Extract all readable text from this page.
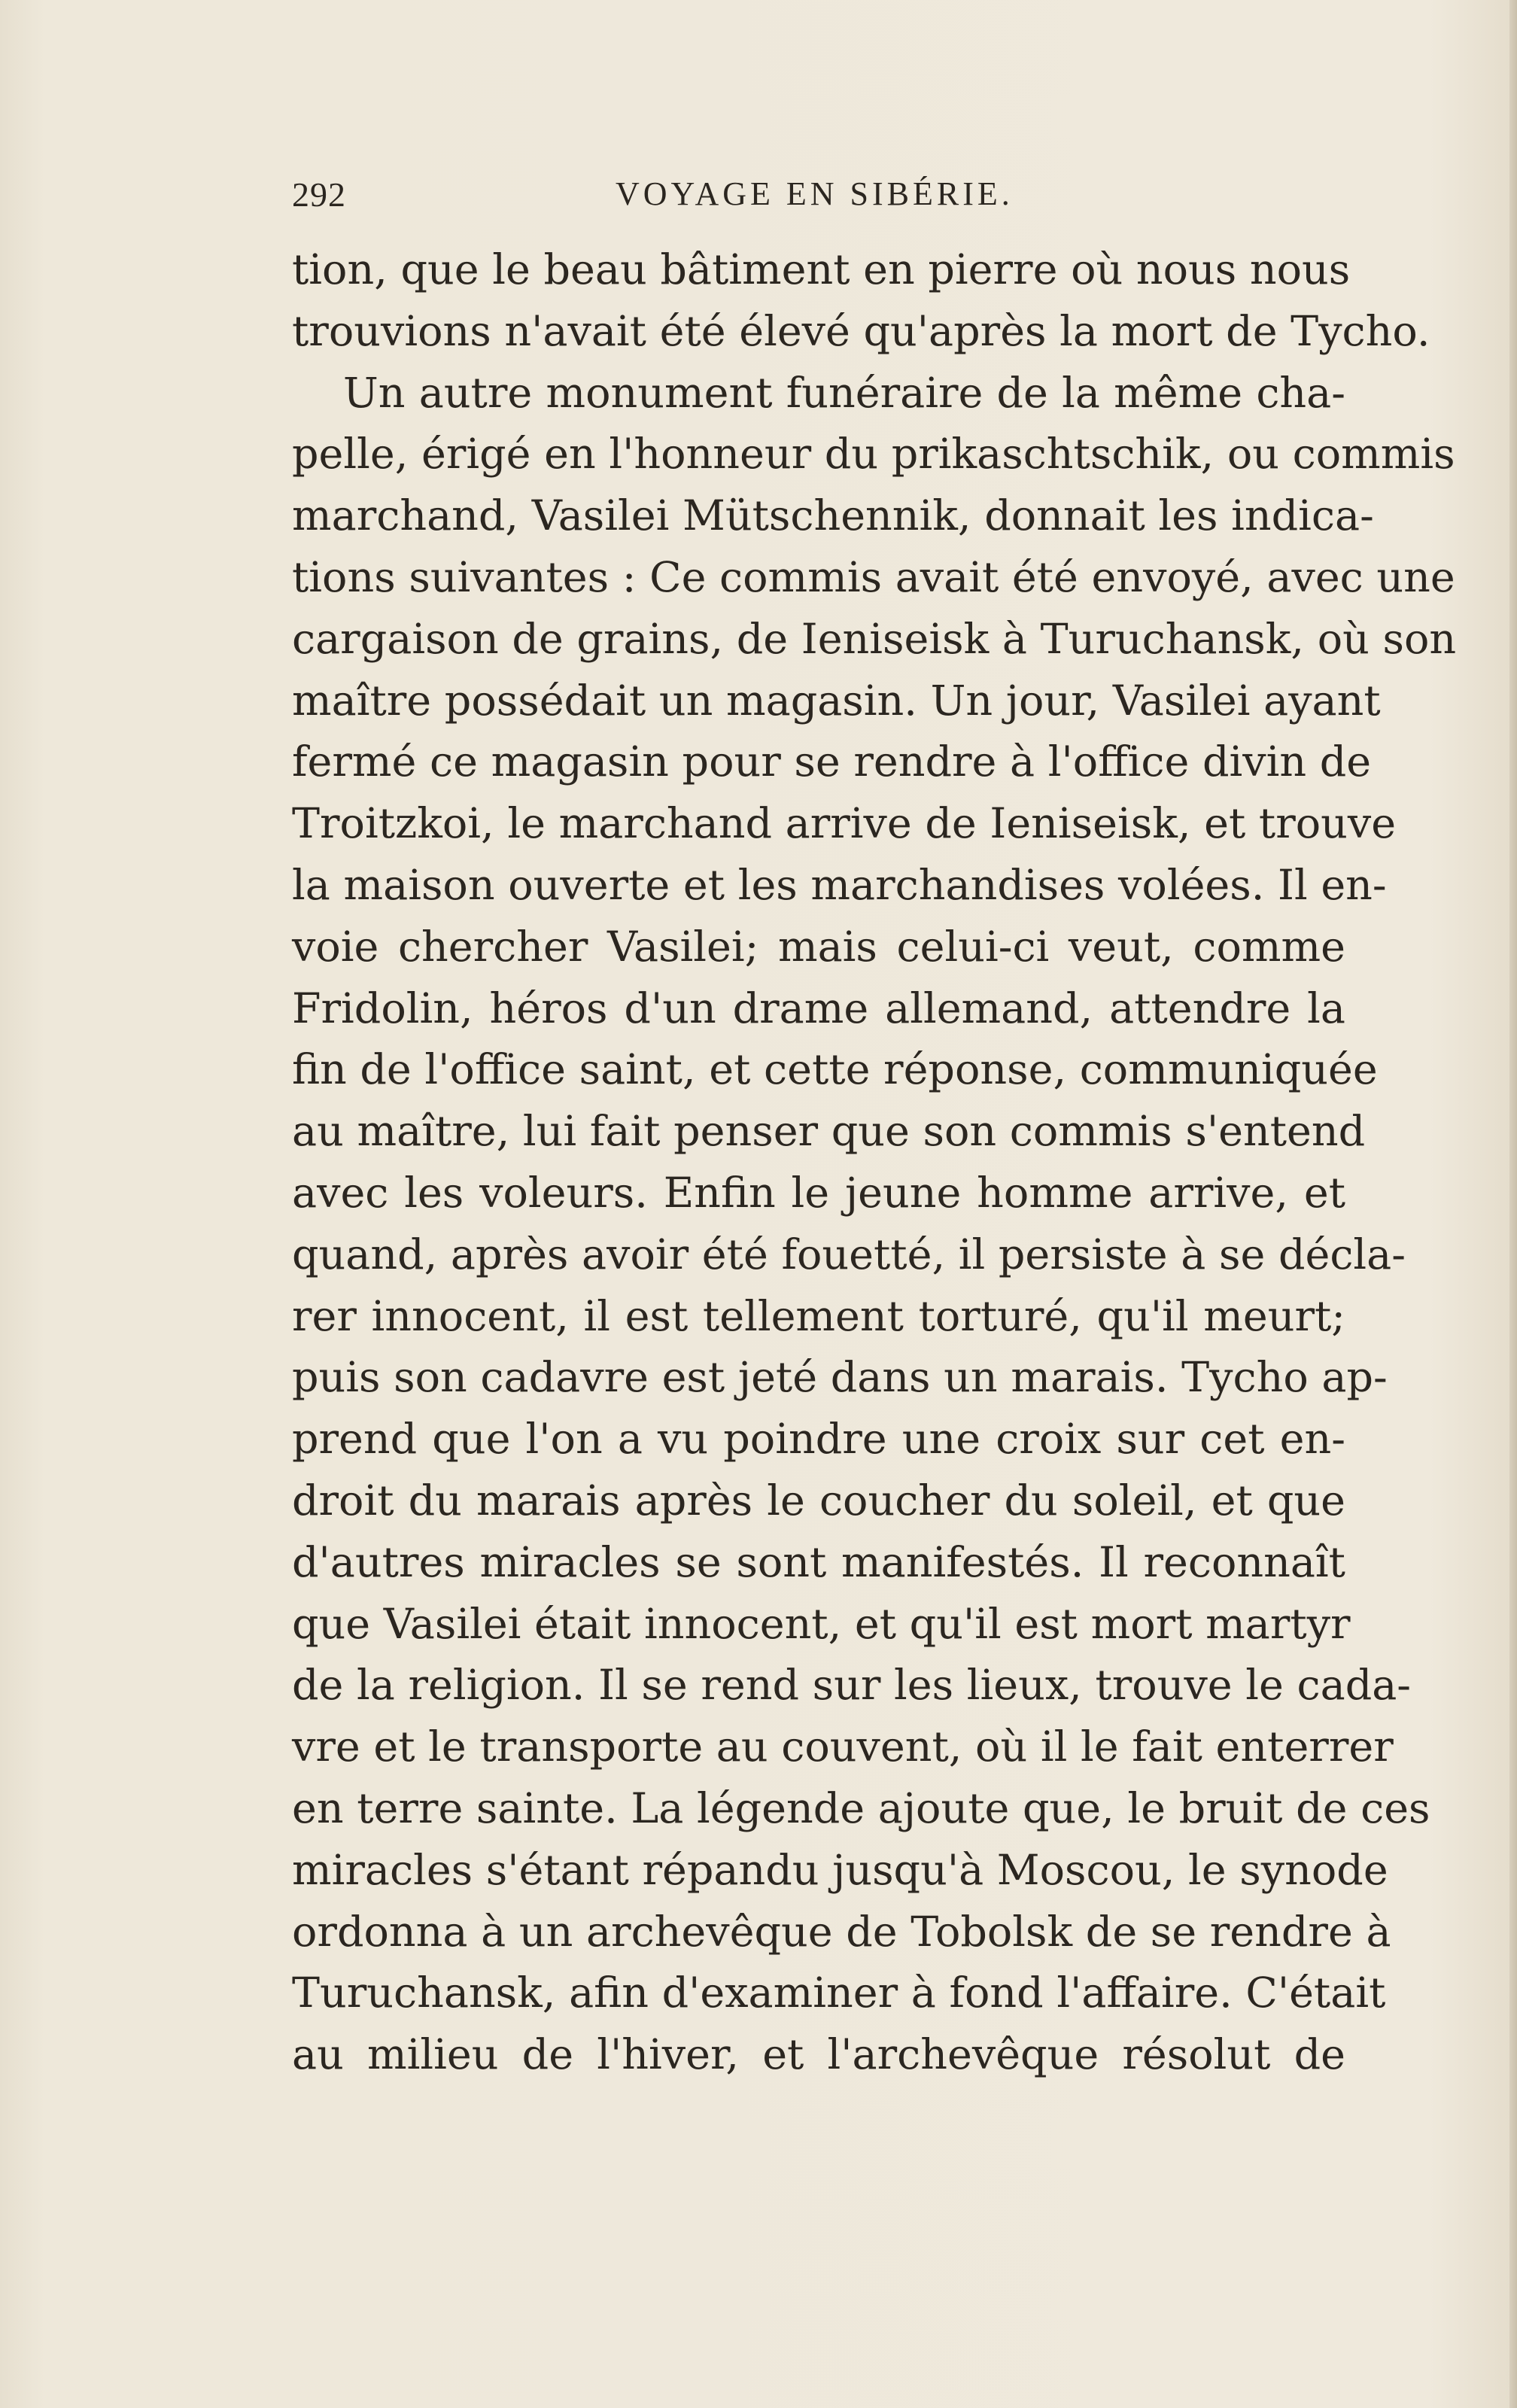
292	VOYAGE EN SIBÉRIE.
tion, que le beau bâtiment en pierre où nous nous
trouvions n'avait été élevé qu'après la mort de Tycho.
Un autre monument funéraire de la même cha-
pelle, érigé en l'honneur du prikaschtschik, ou commis
marchand, Vasilei Mütschennik, donnait les indica-
tions suivantes : Ce commis avait été envoyé, avec une
cargaison de grains, de Ieniseisk à Turuchansk, où son
maître possédait un magasin. Un jour, Vasilei ayant
fermé ce magasin pour se rendre à l'office divin de
Troitzkoi, le marchand arrive de Ieniseisk, et trouve
la maison ouverte et les marchandises volées. Il en-
voie chercher Vasilei; mais celui-ci veut, comme
Fridolin, héros d'un drame allemand, attendre la
fin de l'office saint, et cette réponse, communiquée
au maître, lui fait penser que son commis s'entend
avec les voleurs. Enfin le jeune homme arrive, et
quand, après avoir été fouetté, il persiste à se décla-
rer innocent, il est tellement torturé, qu'il meurt;
puis son cadavre est jeté dans un marais. Tycho ap-
prend que l'on a vu poindre une croix sur cet en-
droit du marais après le coucher du soleil, et que
d'autres miracles se sont manifestés. Il reconnaît
que Vasilei était innocent, et qu'il est mort martyr
de la religion. Il se rend sur les lieux, trouve le cada-
vre et le transporte au couvent, où il le fait enterrer
en terre sainte. La légende ajoute que, le bruit de ces
miracles s'étant répandu jusqu'à Moscou, le synode
ordonna à un archevêque de Tobolsk de se rendre à
Turuchansk, afin d'examiner à fond l'affaire. C'était
au milieu de l'hiver, et l'archevêque résolut de
